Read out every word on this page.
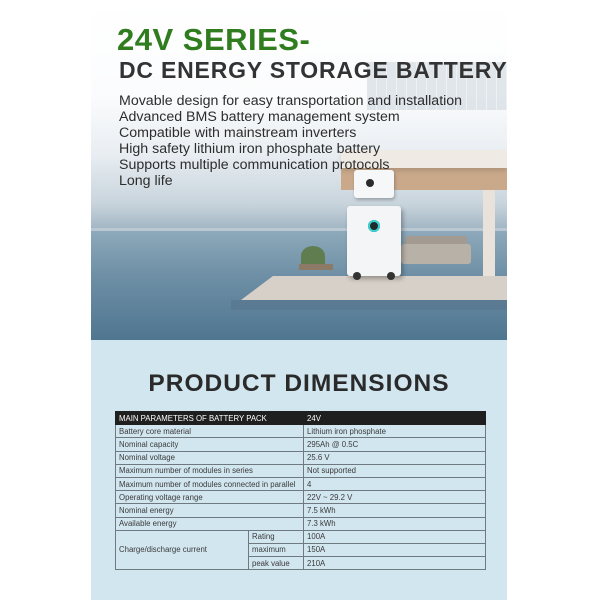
24V SERIES-
DC ENERGY STORAGE BATTERY
Movable design for easy transportation and installation
Advanced BMS battery management system
Compatible with mainstream inverters
High safety lithium iron phosphate battery
Supports multiple communication protocols
Long life
PRODUCT DIMENSIONS
MAIN PARAMETERS OF BATTERY PACK		24V
Battery core material		Lithium iron phosphate
Nominal capacity		295Ah @ 0.5C
Nominal voltage		25.6 V
Maximum number of modules in series		Not supported
Maximum number of modules connected in parallel		4
Operating voltage range		22V ~ 29.2 V
Nominal energy		7.5 kWh
Available energy		7.3 kWh
Charge/discharge current	Rating	100A
	maximum	150A
	peak value	210A
